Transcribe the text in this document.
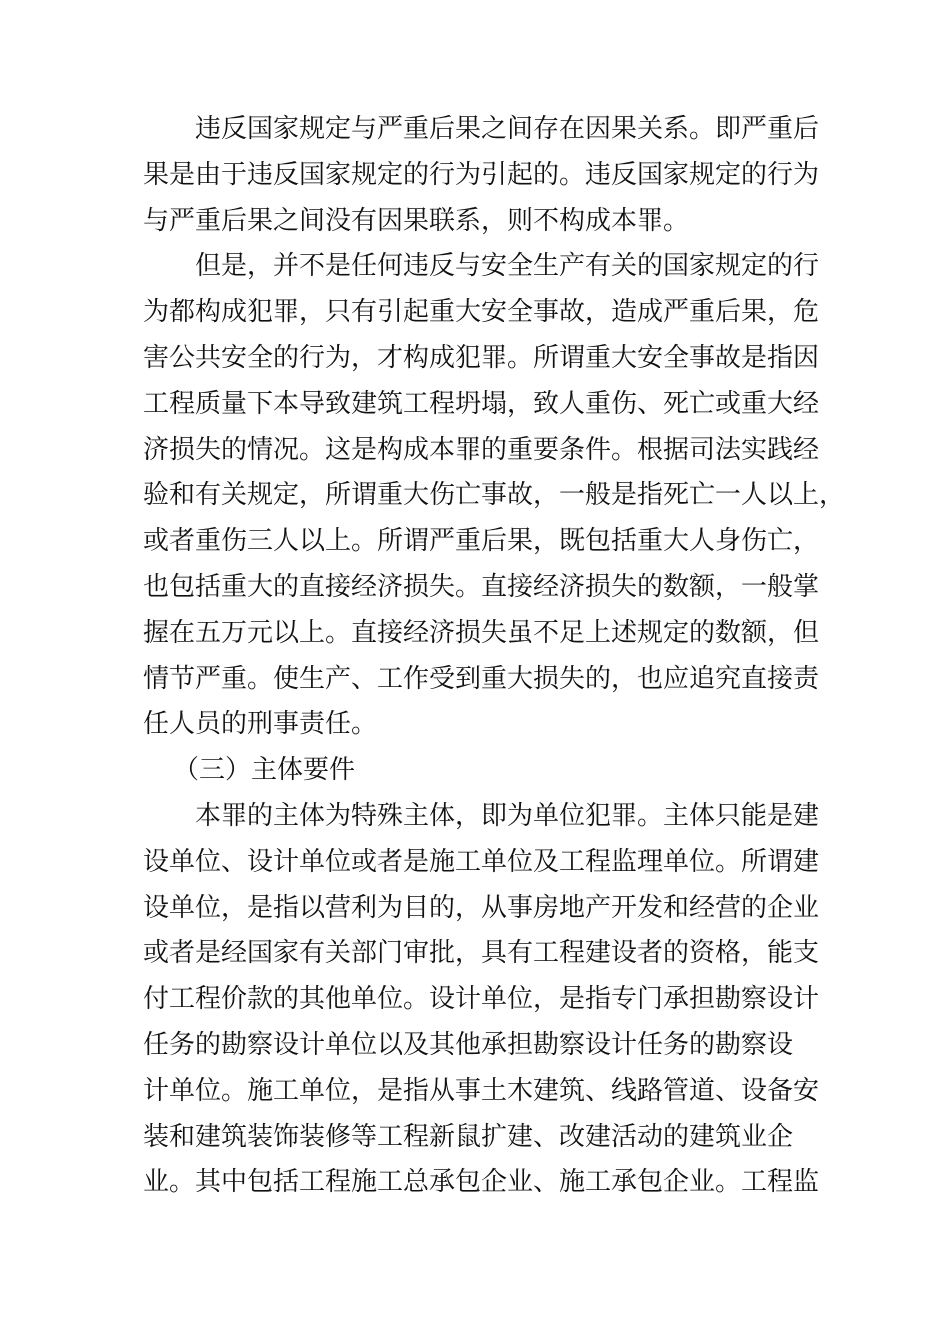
违反国家规定与严重后果之间存在因果关系。即严重后
果是由于违反国家规定的行为引起的。违反国家规定的行为
与严重后果之间没有因果联系，则不构成本罪。
但是，并不是任何违反与安全生产有关的国家规定的行
为都构成犯罪，只有引起重大安全事故，造成严重后果，危
害公共安全的行为，才构成犯罪。所谓重大安全事故是指因
工程质量下本导致建筑工程坍塌，致人重伤、死亡或重大经
济损失的情况。这是构成本罪的重要条件。根据司法实践经
验和有关规定，所谓重大伤亡事故，一般是指死亡一人以上，
或者重伤三人以上。所谓严重后果，既包括重大人身伤亡，
也包括重大的直接经济损失。直接经济损失的数额，一般掌
握在五万元以上。直接经济损失虽不足上述规定的数额，但
情节严重。使生产、工作受到重大损失的，也应追究直接责
任人员的刑事责任。
（三）主体要件
本罪的主体为特殊主体，即为单位犯罪。主体只能是建
设单位、设计单位或者是施工单位及工程监理单位。所谓建
设单位，是指以营利为目的，从事房地产开发和经营的企业
或者是经国家有关部门审批，具有工程建设者的资格，能支
付工程价款的其他单位。设计单位，是指专门承担勘察设计
任务的勘察设计单位以及其他承担勘察设计任务的勘察设
计单位。施工单位，是指从事土木建筑、线路管道、设备安
装和建筑装饰装修等工程新鼠扩建、改建活动的建筑业企
业。其中包括工程施工总承包企业、施工承包企业。工程监
